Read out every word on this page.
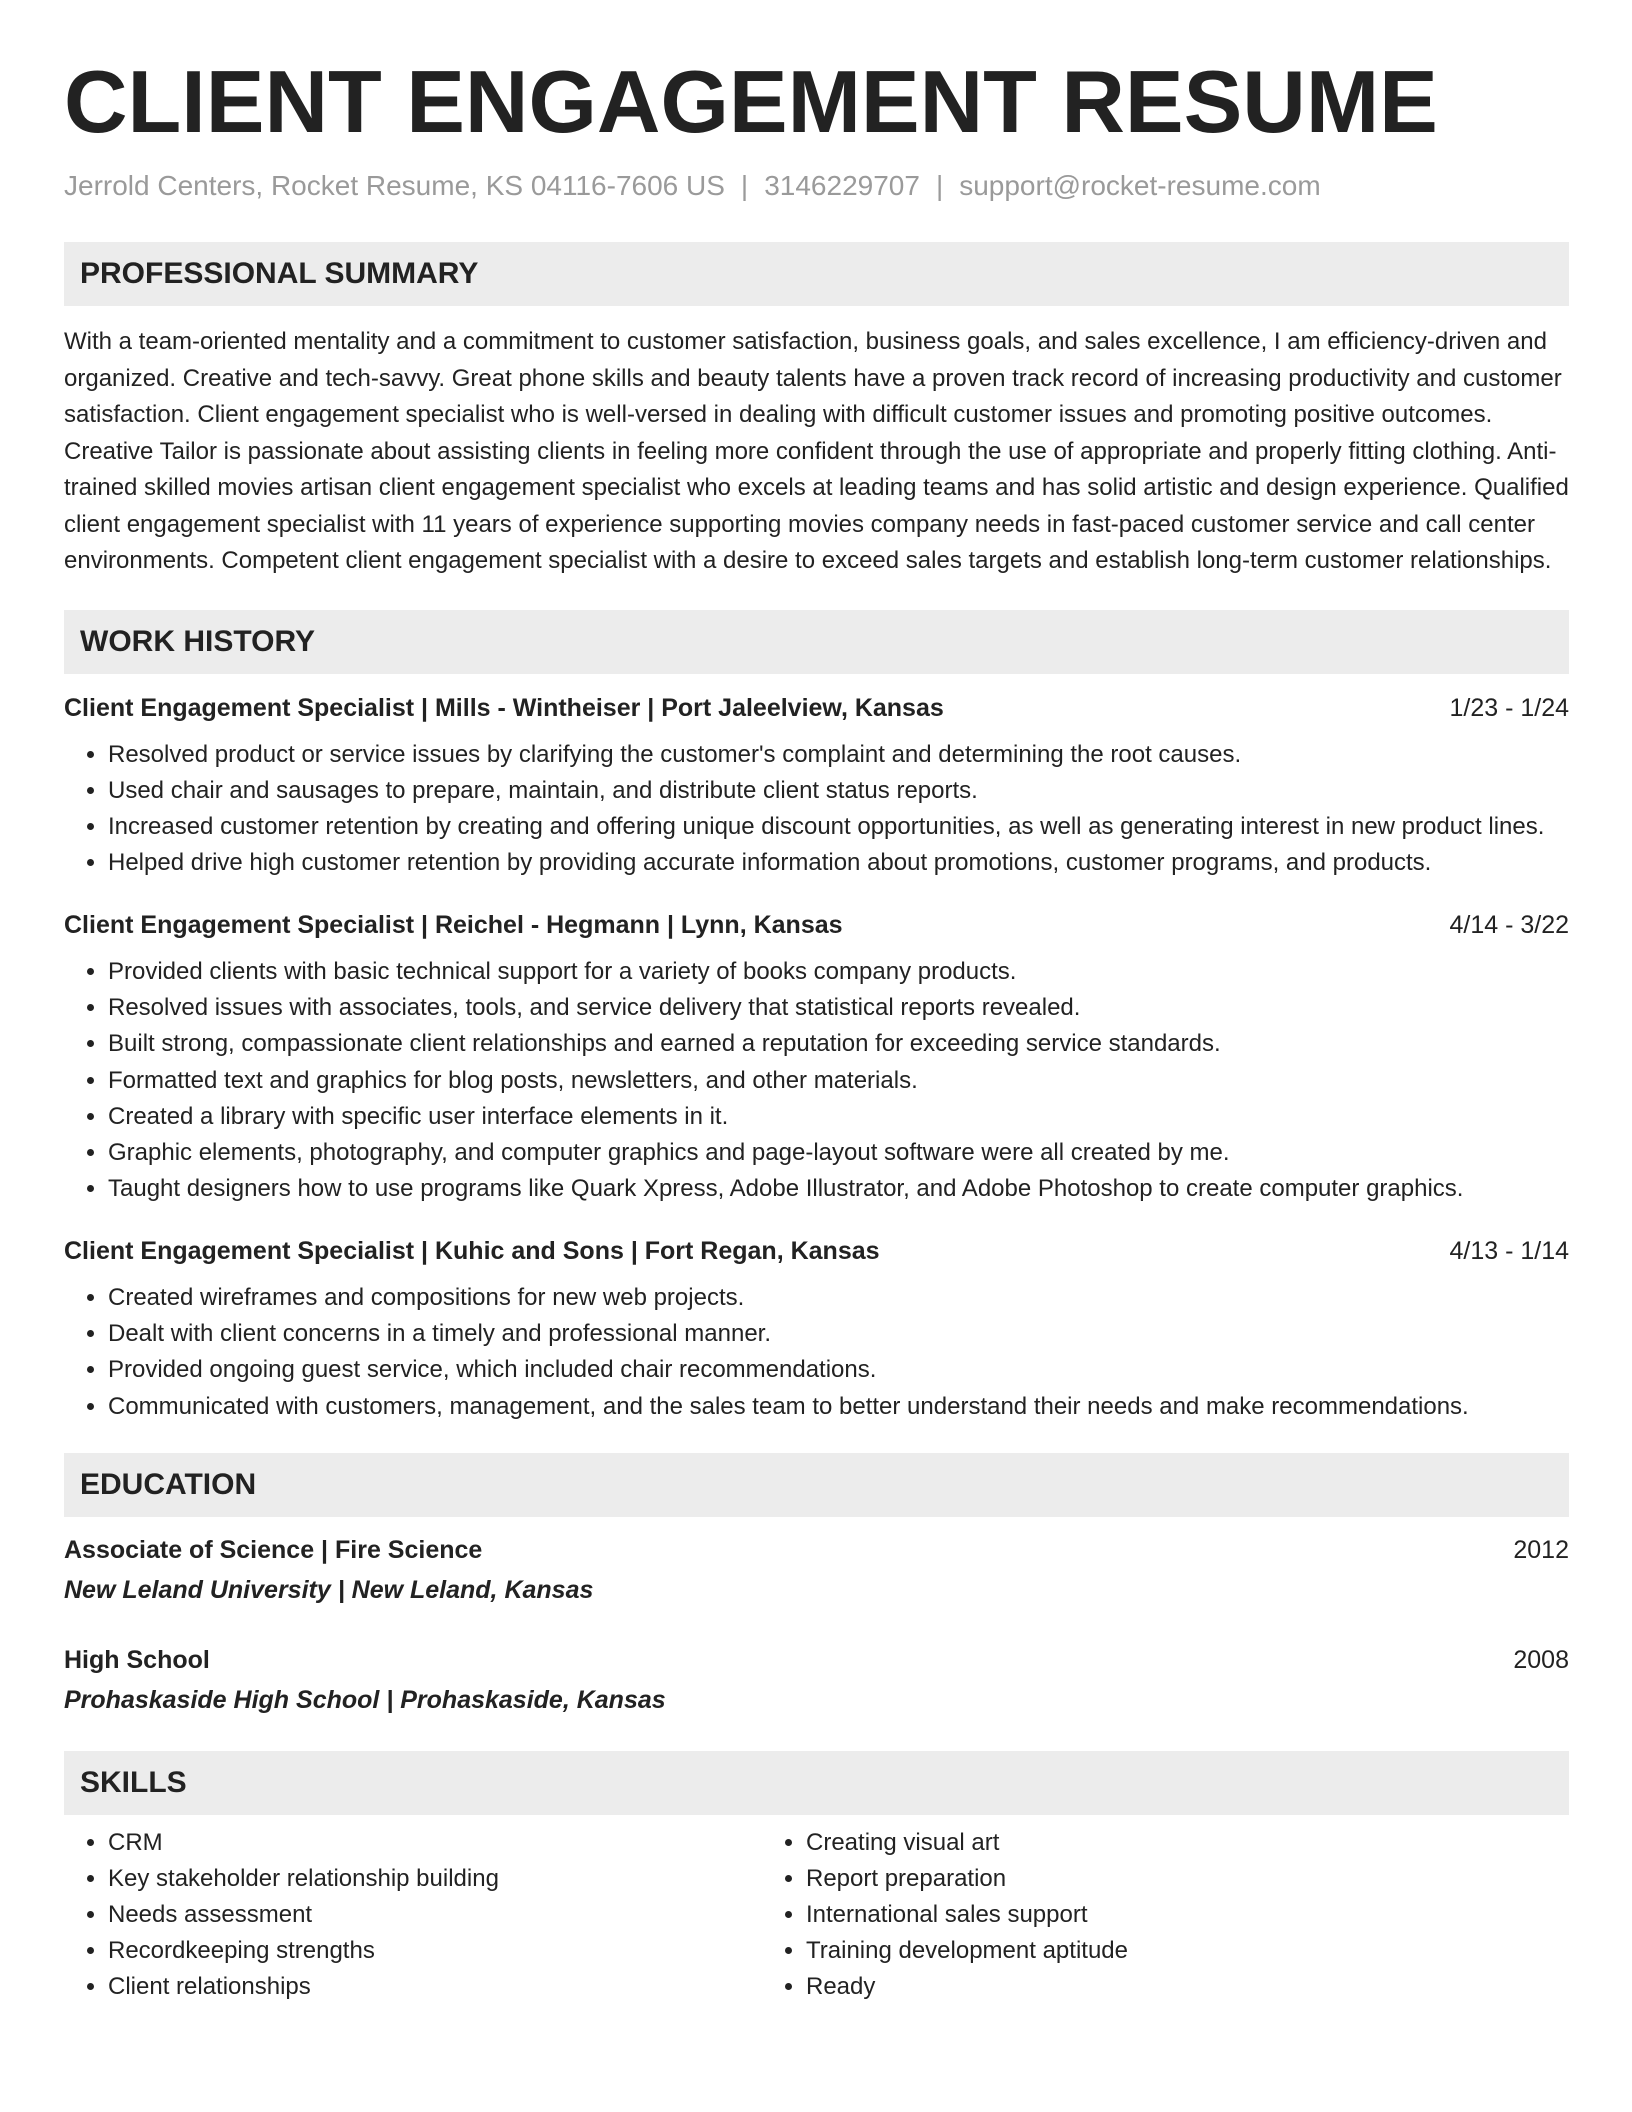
CLIENT ENGAGEMENT RESUME
Jerrold Centers, Rocket Resume, KS 04116-7606 US | 3146229707 | support@rocket-resume.com
PROFESSIONAL SUMMARY

With a team-oriented mentality and a commitment to customer satisfaction, business goals, and sales excellence, I am efficiency-driven and organized. Creative and tech-savvy. Great phone skills and beauty talents have a proven track record of increasing productivity and customer satisfaction. Client engagement specialist who is well-versed in dealing with difficult customer issues and promoting positive outcomes. Creative Tailor is passionate about assisting clients in feeling more confident through the use of appropriate and properly fitting clothing. Anti-trained skilled movies artisan client engagement specialist who excels at leading teams and has solid artistic and design experience. Qualified client engagement specialist with 11 years of experience supporting movies company needs in fast-paced customer service and call center environments. Competent client engagement specialist with a desire to exceed sales targets and establish long-term customer relationships.

WORK HISTORY
Client Engagement Specialist | Mills - Wintheiser | Port Jaleelview, Kansas	1/23 - 1/24
• Resolved product or service issues by clarifying the customer's complaint and determining the root causes.
• Used chair and sausages to prepare, maintain, and distribute client status reports.
• Increased customer retention by creating and offering unique discount opportunities, as well as generating interest in new product lines.
• Helped drive high customer retention by providing accurate information about promotions, customer programs, and products.
Client Engagement Specialist | Reichel - Hegmann | Lynn, Kansas	4/14 - 3/22
• Provided clients with basic technical support for a variety of books company products.
• Resolved issues with associates, tools, and service delivery that statistical reports revealed.
• Built strong, compassionate client relationships and earned a reputation for exceeding service standards.
• Formatted text and graphics for blog posts, newsletters, and other materials.
• Created a library with specific user interface elements in it.
• Graphic elements, photography, and computer graphics and page-layout software were all created by me.
• Taught designers how to use programs like Quark Xpress, Adobe Illustrator, and Adobe Photoshop to create computer graphics.
Client Engagement Specialist | Kuhic and Sons | Fort Regan, Kansas	4/13 - 1/14
• Created wireframes and compositions for new web projects.
• Dealt with client concerns in a timely and professional manner.
• Provided ongoing guest service, which included chair recommendations.
• Communicated with customers, management, and the sales team to better understand their needs and make recommendations.
EDUCATION
Associate of Science | Fire Science	2012
New Leland University | New Leland, Kansas
High School	2008
Prohaskaside High School | Prohaskaside, Kansas
SKILLS
• CRM
• Key stakeholder relationship building
• Needs assessment
• Recordkeeping strengths
• Client relationships
• Creating visual art
• Report preparation
• International sales support
• Training development aptitude
• Ready
